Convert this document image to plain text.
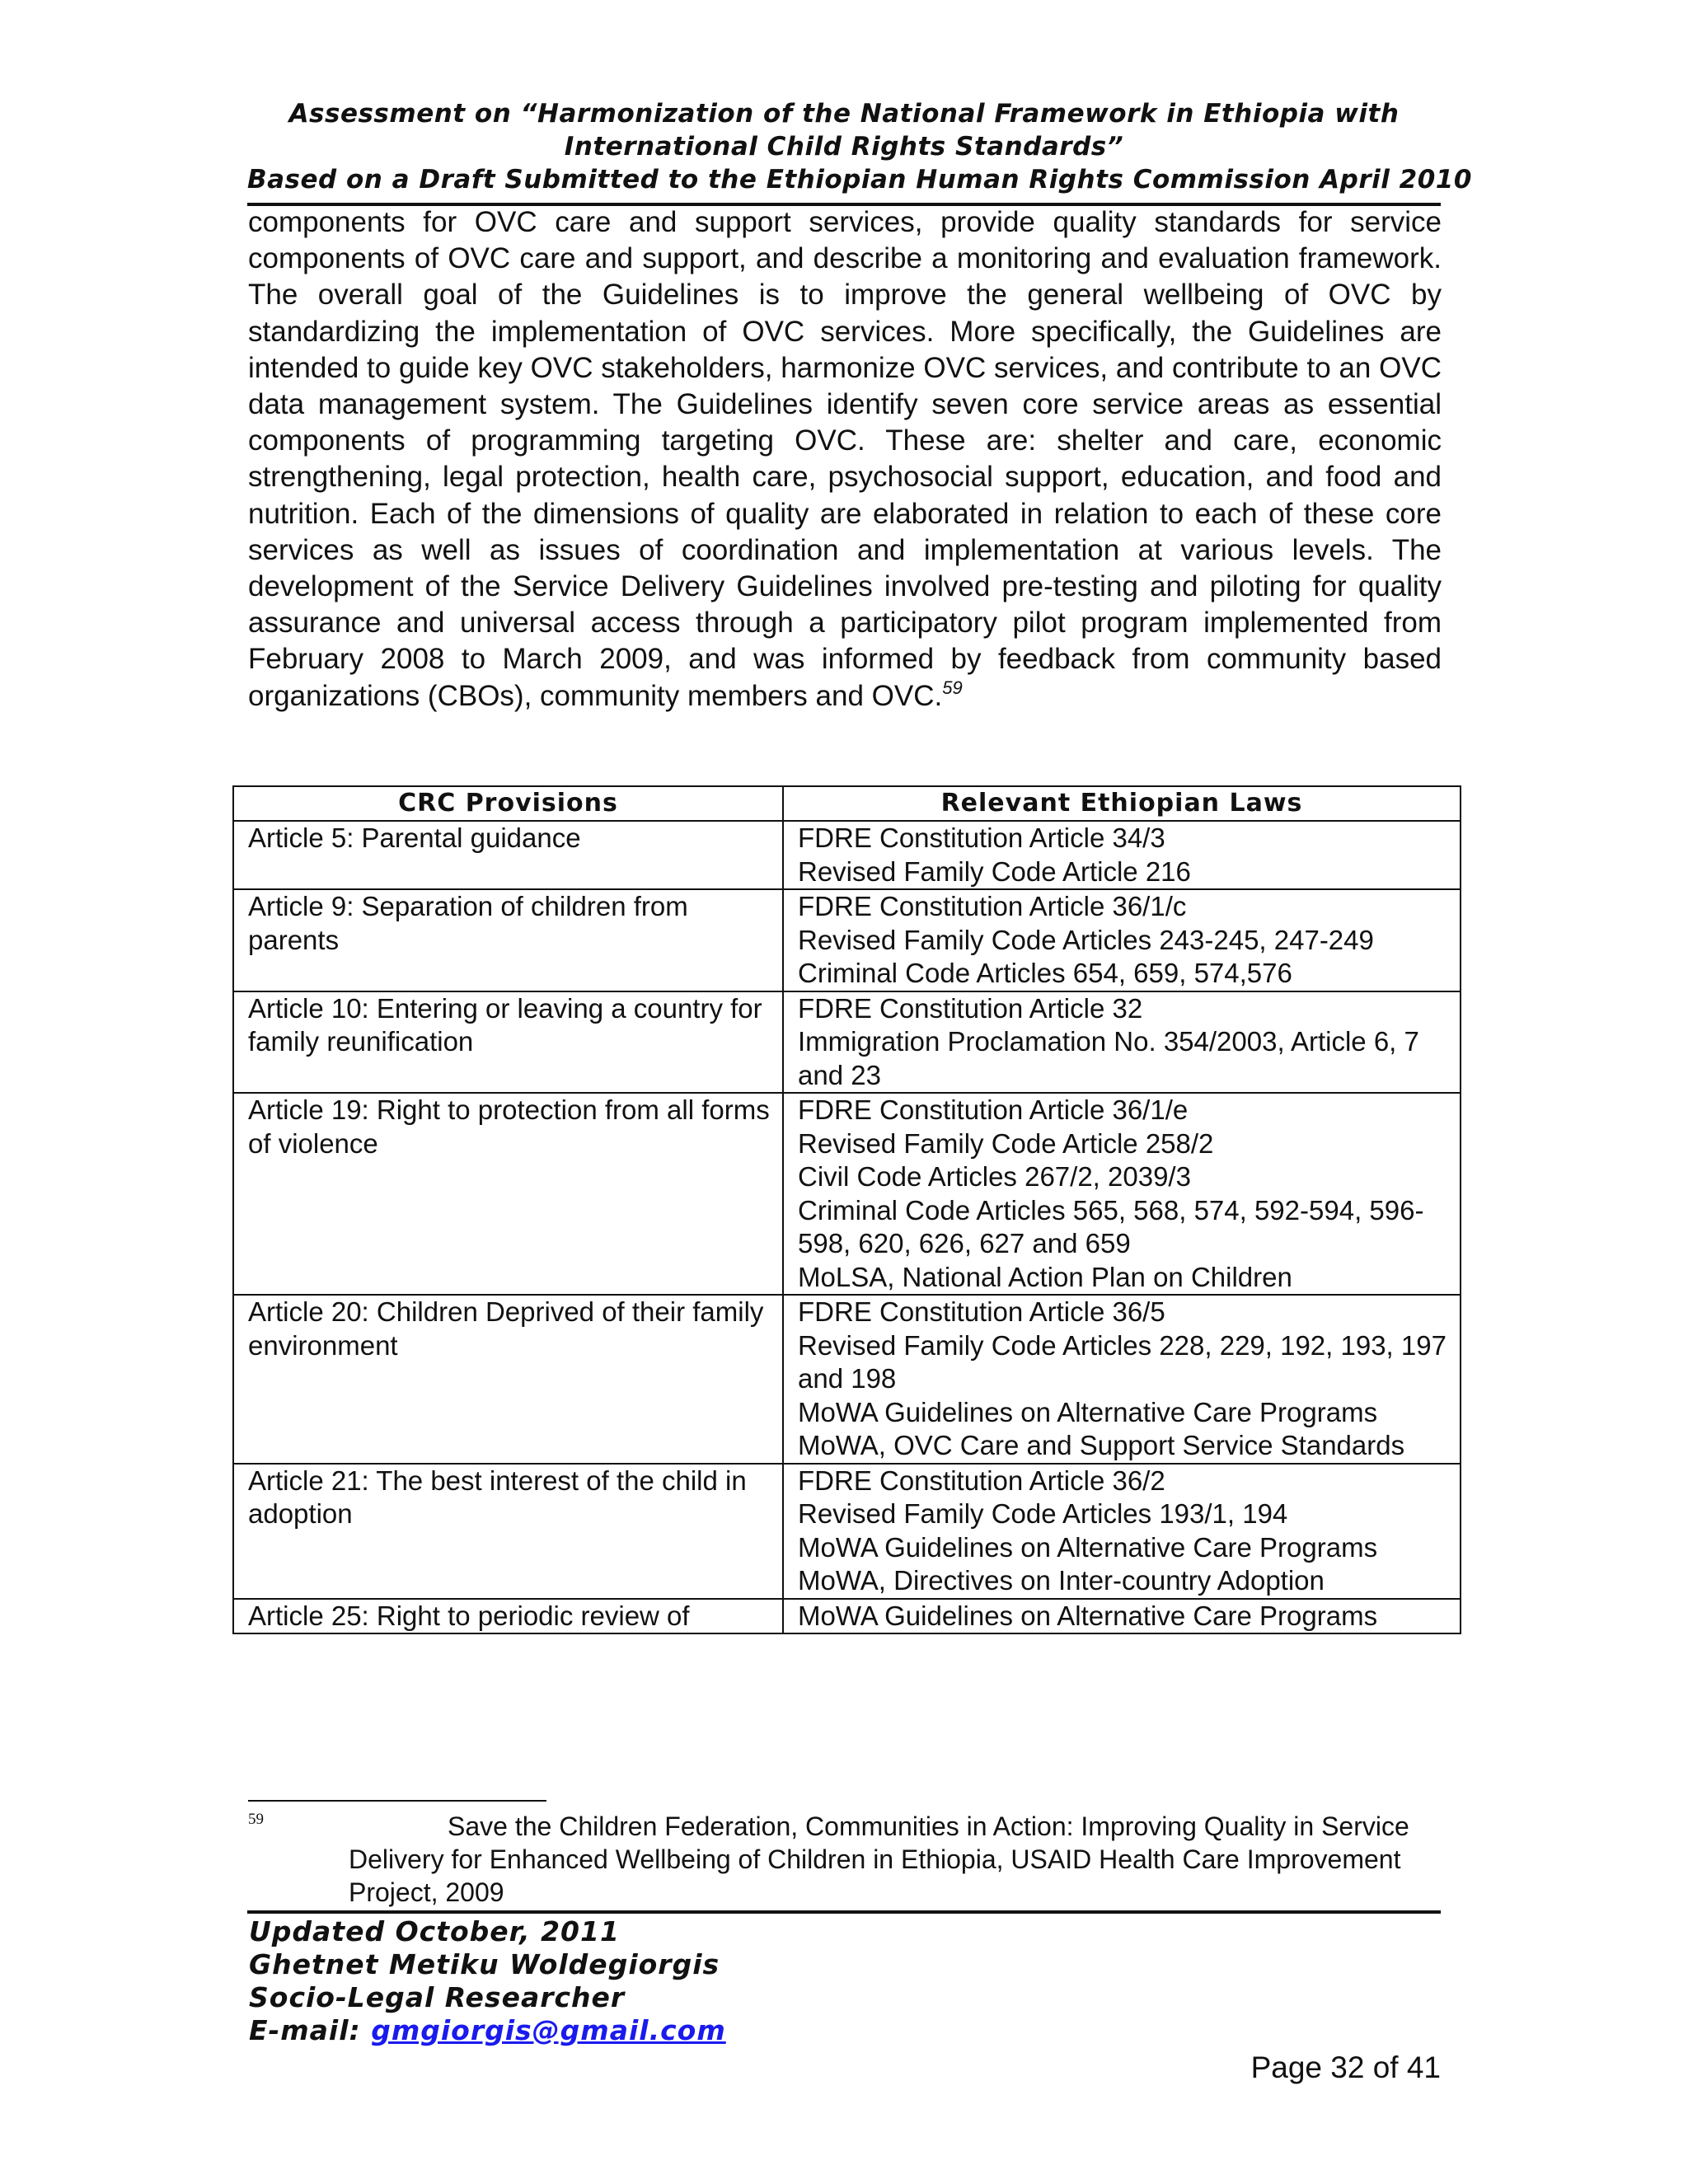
Assessment on “Harmonization of the National Framework in Ethiopia with
International Child Rights Standards”
Based on a Draft Submitted to the Ethiopian Human Rights Commission April 2010

components for OVC care and support services, provide quality standards for service components of OVC care and support, and describe a monitoring and evaluation framework. The overall goal of the Guidelines is to improve the general wellbeing of OVC by standardizing the implementation of OVC services. More specifically, the Guidelines are intended to guide key OVC stakeholders, harmonize OVC services, and contribute to an OVC data management system. The Guidelines identify seven core service areas as essential components of programming targeting OVC. These are: shelter and care, economic strengthening, legal protection, health care, psychosocial support, education, and food and nutrition. Each of the dimensions of quality are elaborated in relation to each of these core services as well as issues of coordination and implementation at various levels. The development of the Service Delivery Guidelines involved pre-testing and piloting for quality assurance and universal access through a participatory pilot program implemented from February 2008 to March 2009, and was informed by feedback from community based organizations (CBOs), community members and OVC.$^{59}$

CRC Provisions	Relevant Ethiopian Laws
Article 5: Parental guidance	FDRE Constitution Article 34/3
Revised Family Code Article 216

Article 9: Separation of children from parents	FDRE Constitution Article 36/1/c
Revised Family Code Articles 243-245, 247-249
Criminal Code Articles 654, 659, 574,576

Article 10: Entering or leaving a country for family reunification	FDRE Constitution Article 32
Immigration Proclamation No. 354/2003, Article 6, 7 and 23

Article 19: Right to protection from all forms of violence	FDRE Constitution Article 36/1/e
Revised Family Code Article 258/2
Civil Code Articles 267/2, 2039/3
Criminal Code Articles 565, 568, 574, 592-594, 596-598, 620, 626, 627 and 659
MoLSA, National Action Plan on Children

Article 20: Children Deprived of their family environment	FDRE Constitution Article 36/5
Revised Family Code Articles 228, 229, 192, 193, 197 and 198
MoWA Guidelines on Alternative Care Programs
MoWA, OVC Care and Support Service Standards

Article 21: The best interest of the child in adoption	FDRE Constitution Article 36/2
Revised Family Code Articles 193/1, 194
MoWA Guidelines on Alternative Care Programs
MoWA, Directives on Inter-country Adoption

Article 25: Right to periodic review of	MoWA Guidelines on Alternative Care Programs
59	Save the Children Federation, Communities in Action: Improving Quality in Service Delivery for Enhanced Wellbeing of Children in Ethiopia, USAID Health Care Improvement Project, 2009
Updated October, 2011
Ghetnet Metiku Woldegiorgis
Socio-Legal Researcher
E-mail: gmgiorgis@gmail.com
Page 32 of 41
